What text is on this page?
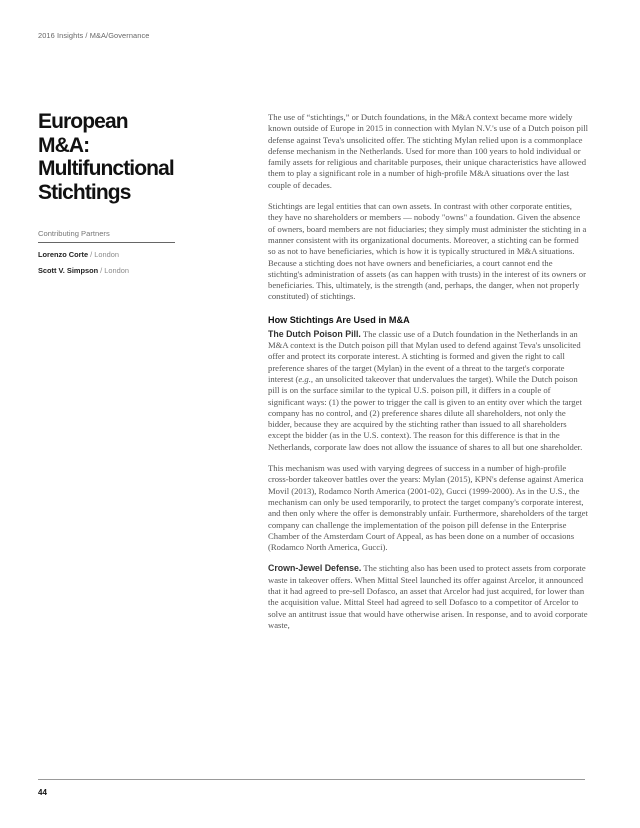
2016 Insights / M&A/Governance
European M&A: Multifunctional Stichtings
Contributing Partners
Lorenzo Corte / London
Scott V. Simpson / London

The use of “stichtings,” or Dutch foundations, in the M&A context became more widely known outside of Europe in 2015 in connection with Mylan N.V.'s use of a Dutch poison pill defense against Teva's unsolicited offer. The stichting Mylan relied upon is a commonplace defense mechanism in the Netherlands. Used for more than 100 years to hold individual or family assets for religious and charitable purposes, their unique characteristics have allowed them to play a significant role in a number of high-profile M&A situations over the last couple of decades.

Stichtings are legal entities that can own assets. In contrast with other corporate entities, they have no shareholders or members — nobody "owns" a foundation. Given the absence of owners, board members are not fiduciaries; they simply must administer the stichting in a manner consistent with its organizational documents. Moreover, a stichting can be formed so as not to have beneficiaries, which is how it is typically structured in M&A situations. Because a stichting does not have owners and beneficiaries, a court cannot end the stichting's administration of assets (as can happen with trusts) in the interest of its owners or beneficiaries. This, ultimately, is the strength (and, perhaps, the danger, when not properly constituted) of stichtings.

How Stichtings Are Used in M&A

The Dutch Poison Pill. The classic use of a Dutch foundation in the Netherlands in an M&A context is the Dutch poison pill that Mylan used to defend against Teva's unsolicited offer and protect its corporate interest. A stichting is formed and given the right to call preference shares of the target (Mylan) in the event of a threat to the target's corporate interest (e.g., an unsolicited takeover that undervalues the target). While the Dutch poison pill is on the surface similar to the typical U.S. poison pill, it differs in a couple of significant ways: (1) the power to trigger the call is given to an entity over which the target company has no control, and (2) preference shares dilute all shareholders, not only the bidder, because they are acquired by the stichting rather than issued to all shareholders except the bidder (as in the U.S. context). The reason for this difference is that in the Netherlands, corporate law does not allow the issuance of shares to all but one shareholder.

This mechanism was used with varying degrees of success in a number of high-profile cross-border takeover battles over the years: Mylan (2015), KPN's defense against America Movil (2013), Rodamco North America (2001-02), Gucci (1999-2000). As in the U.S., the mechanism can only be used temporarily, to protect the target company's corporate interest, and then only where the offer is demonstrably unfair. Furthermore, shareholders of the target company can challenge the implementation of the poison pill defense in the Enterprise Chamber of the Amsterdam Court of Appeal, as has been done on a number of occasions (Rodamco North America, Gucci).

Crown-Jewel Defense. The stichting also has been used to protect assets from corporate waste in takeover offers. When Mittal Steel launched its offer against Arcelor, it announced that it had agreed to pre-sell Dofasco, an asset that Arcelor had just acquired, for lower than the acquisition value. Mittal Steel had agreed to sell Dofasco to a competitor of Arcelor to solve an antitrust issue that would have otherwise arisen. In response, and to avoid corporate waste,

44
